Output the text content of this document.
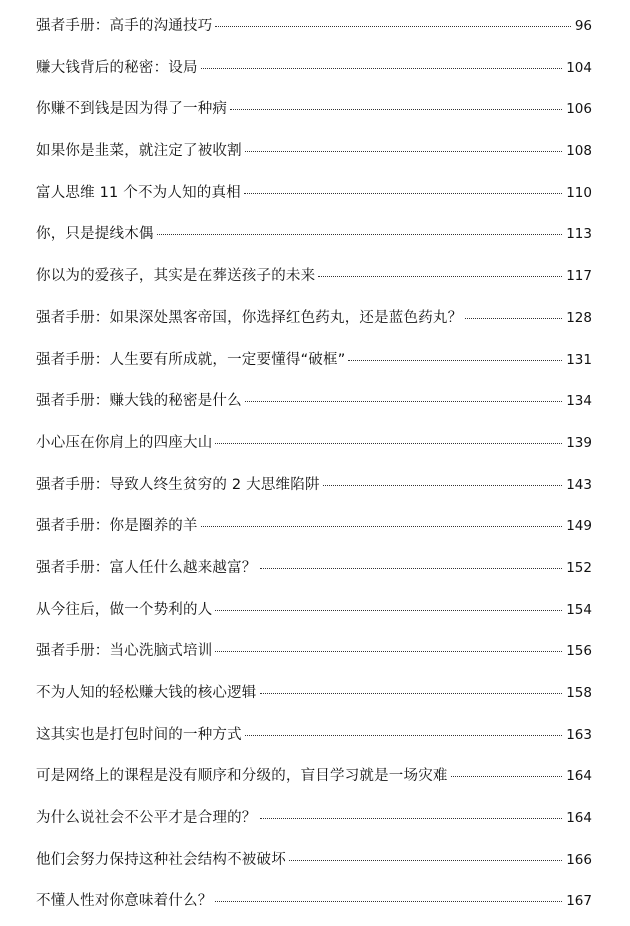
强者手册：高手的沟通技巧	96
赚大钱背后的秘密：设局	104
你赚不到钱是因为得了一种病	106
如果你是韭菜，就注定了被收割	108
富人思维 11 个不为人知的真相	110
你，只是提线木偶	113
你以为的爱孩子，其实是在葬送孩子的未来	117
强者手册：如果深处黑客帝国，你选择红色药丸，还是蓝色药丸？	128
强者手册：人生要有所成就，一定要懂得“破框”	131
强者手册：赚大钱的秘密是什么	134
小心压在你肩上的四座大山	139
强者手册：导致人终生贫穷的 2 大思维陷阱	143
强者手册：你是圈养的羊	149
强者手册：富人任什么越来越富？	152
从今往后，做一个势利的人	154
强者手册：当心洗脑式培训	156
不为人知的轻松赚大钱的核心逻辑	158
这其实也是打包时间的一种方式	163
可是网络上的课程是没有顺序和分级的，盲目学习就是一场灾难	164
为什么说社会不公平才是合理的？	164
他们会努力保持这种社会结构不被破坏	166
不懂人性对你意味着什么？	167
